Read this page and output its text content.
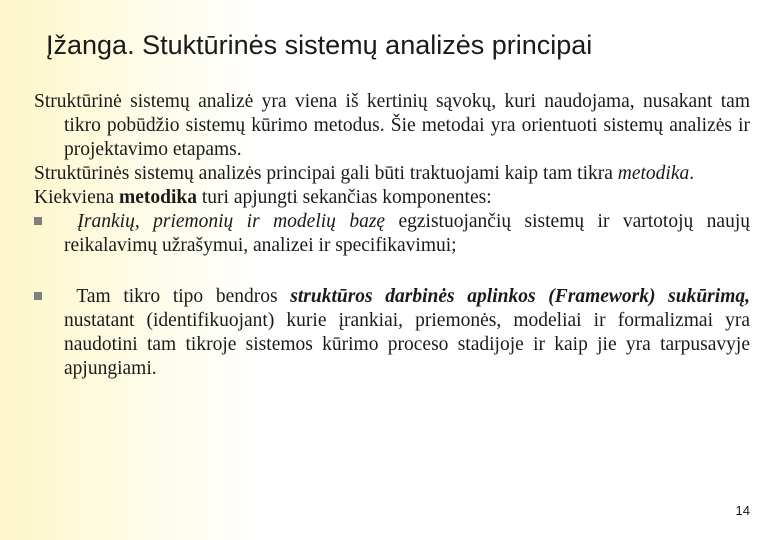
Įžanga. Stuktūrinės sistemų analizės principai

Struktūrinė sistemų analizė yra viena iš kertinių sąvokų, kuri naudojama, nusakant tam tikro pobūdžio sistemų kūrimo metodus. Šie metodai yra orientuoti sistemų analizės ir projektavimo etapams.

Struktūrinės sistemų analizės principai gali būti traktuojami kaip tam tikra metodika.

Kiekviena metodika turi apjungti sekančias komponentes:

Įrankių, priemonių ir modelių bazę egzistuojančių sistemų ir vartotojų naujų reikalavimų užrašymui, analizei ir specifikavimui;

Tam tikro tipo bendros struktūros darbinės aplinkos (Framework) sukūrimą, nustatant (identifikuojant) kurie įrankiai, priemonės, modeliai ir formalizmai yra naudotini tam tikroje sistemos kūrimo proceso stadijoje ir kaip jie yra tarpusavyje apjungiami.

14
